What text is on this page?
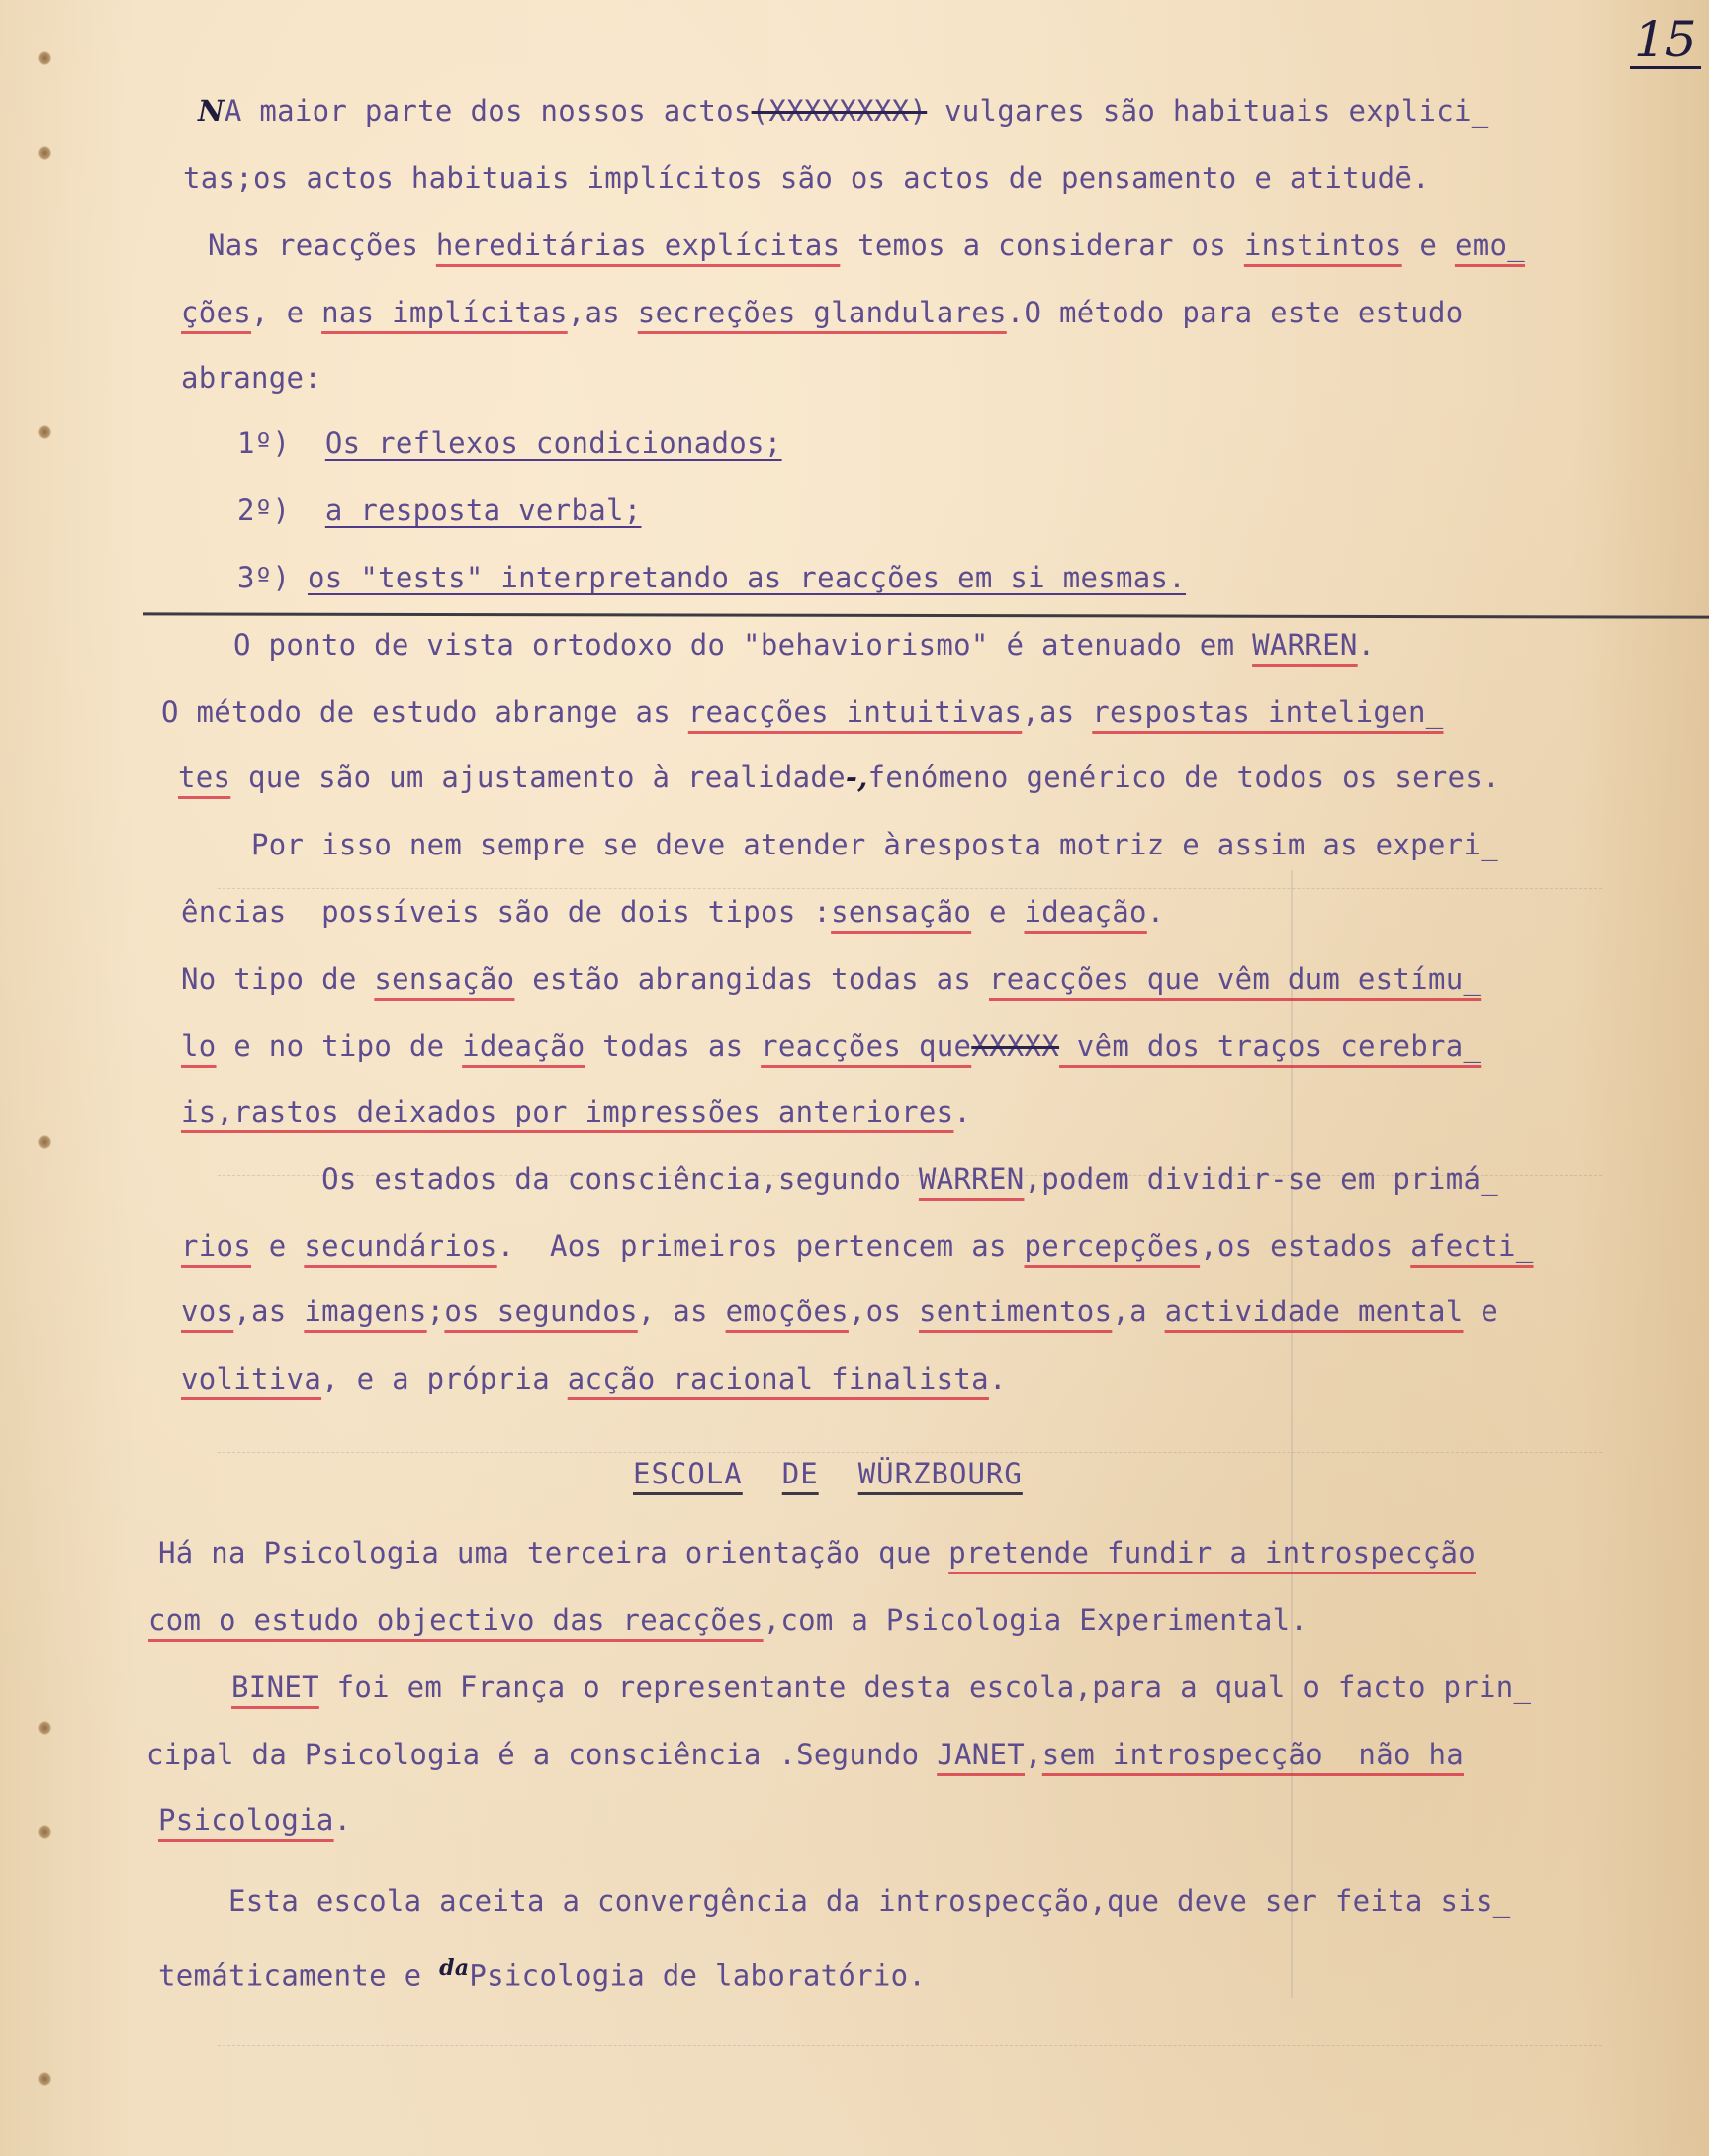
15
NA maior parte dos nossos actos(XXXXXXXX) vulgares são habituais explici_
tas;os actos habituais implícitos são os actos de pensamento e atitudē.
Nas reacções hereditárias explícitas temos a considerar os instintos e emo_
ções, e nas implícitas,as secreções glandulares.O método para este estudo
abrange:
1º) Os reflexos condicionados;
2º) a resposta verbal;
3º) os "tests" interpretando as reacções em si mesmas.
O ponto de vista ortodoxo do "behaviorismo" é atenuado em WARREN.
O método de estudo abrange as reacções intuitivas,as respostas inteligen_
tes que são um ajustamento à realidade-,fenómeno genérico de todos os seres.
Por isso nem sempre se deve atender àresposta motriz e assim as experi_
ências  possíveis são de dois tipos :sensação e ideação.
No tipo de sensação estão abrangidas todas as reacções que vêm dum estímu_
lo e no tipo de ideação todas as reacções queXXXXX vêm dos traços cerebra_
is,rastos deixados por impressões anteriores.
Os estados da consciência,segundo WARREN,podem dividir-se em primá_
rios e secundários.  Aos primeiros pertencem as percepções,os estados afecti_
vos,as imagens;os segundos, as emoções,os sentimentos,a actividade mental e
volitiva, e a própria acção racional finalista.
ESCOLA DE WÜRZBOURG
Há na Psicologia uma terceira orientação que pretende fundir a introspecção
com o estudo objectivo das reacções,com a Psicologia Experimental.
BINET foi em França o representante desta escola,para a qual o facto prin_
cipal da Psicologia é a consciência .Segundo JANET,sem introspecção  não ha
Psicologia.
Esta escola aceita a convergência da introspecção,que deve ser feita sis_
temáticamente e $^{da}$Psicologia de laboratório.
